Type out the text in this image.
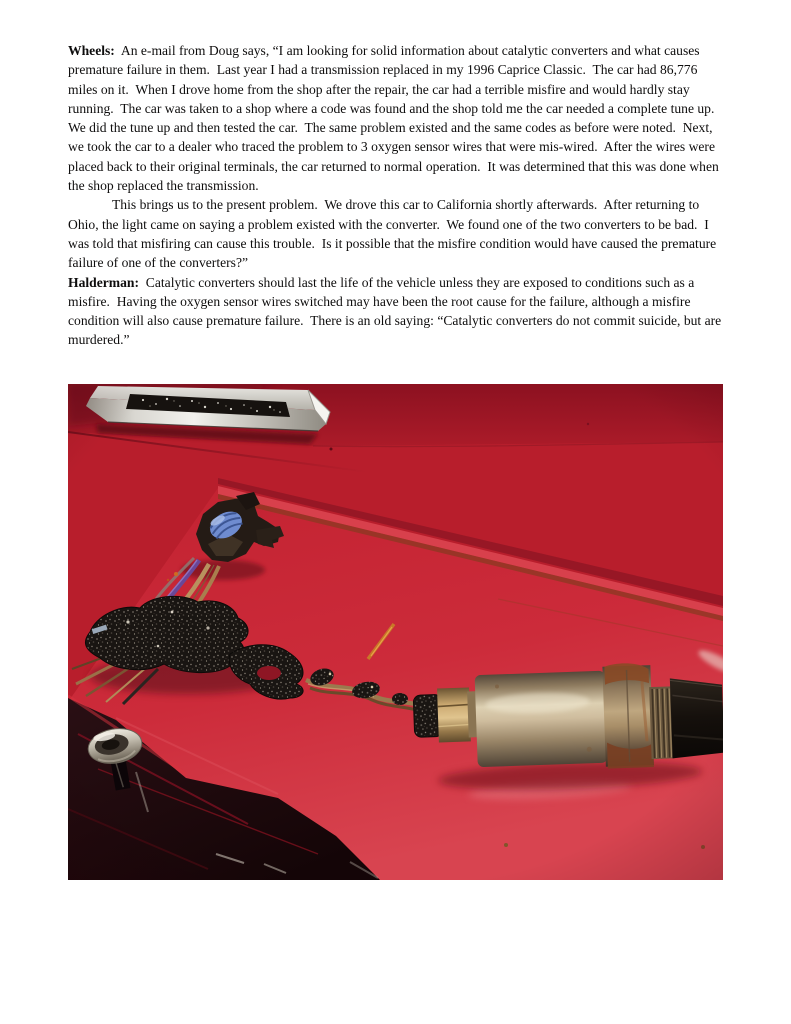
Wheels:  An e-mail from Doug says, “I am looking for solid information about catalytic converters and what causes premature failure in them.  Last year I had a transmission replaced in my 1996 Caprice Classic.  The car had 86,776 miles on it.  When I drove home from the shop after the repair, the car had a terrible misfire and would hardly stay running.  The car was taken to a shop where a code was found and the shop told me the car needed a complete tune up.  We did the tune up and then tested the car.  The same problem existed and the same codes as before were noted.  Next, we took the car to a dealer who traced the problem to 3 oxygen sensor wires that were mis-wired.  After the wires were placed back to their original terminals, the car returned to normal operation.  It was determined that this was done when the shop replaced the transmission.

This brings us to the present problem.  We drove this car to California shortly afterwards.  After returning to Ohio, the light came on saying a problem existed with the converter.  We found one of the two converters to be bad.  I was told that misfiring can cause this trouble.  Is it possible that the misfire condition would have caused the premature failure of one of the converters?”

Halderman:  Catalytic converters should last the life of the vehicle unless they are exposed to conditions such as a misfire.  Having the oxygen sensor wires switched may have been the root cause for the failure, although a misfire condition will also cause premature failure.  There is an old saying: “Catalytic converters do not commit suicide, but are murdered.”
